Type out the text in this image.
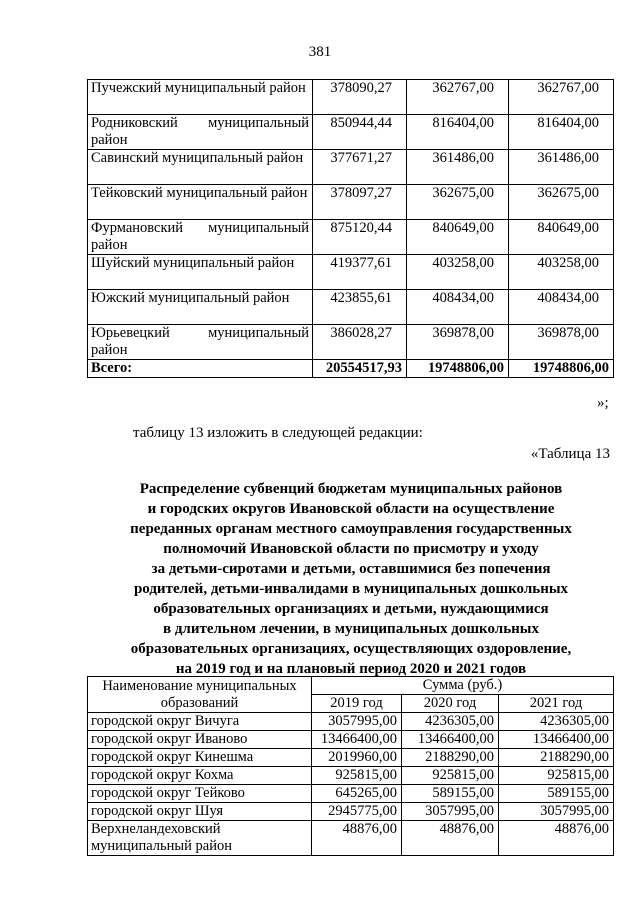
381
Пучежский муниципальный район	378090,27	362767,00	362767,00
Родниковский муниципальный район	850944,44	816404,00	816404,00
Савинский муниципальный район	377671,27	361486,00	361486,00
Тейковский муниципальный район	378097,27	362675,00	362675,00
Фурмановский муниципальный район	875120,44	840649,00	840649,00
Шуйский муниципальный район	419377,61	403258,00	403258,00
Южский муниципальный район	423855,61	408434,00	408434,00
Юрьевецкий муниципальный район	386028,27	369878,00	369878,00
Всего:	20554517,93	19748806,00	19748806,00
»;
таблицу 13 изложить в следующей редакции:
«Таблица 13
Распределение субвенций бюджетам муниципальных районов
и городских округов Ивановской области на осуществление
переданных органам местного самоуправления государственных
полномочий Ивановской области по присмотру и уходу
за детьми-сиротами и детьми, оставшимися без попечения
родителей, детьми-инвалидами в муниципальных дошкольных
образовательных организациях и детьми, нуждающимися
в длительном лечении, в муниципальных дошкольных
образовательных организациях, осуществляющих оздоровление,
на 2019 год и на плановый период 2020 и 2021 годов
Наименование муниципальных образований	Сумма (руб.)		
	2019 год	2020 год	2021 год
городской округ Вичуга	3057995,00	4236305,00	4236305,00
городской округ Иваново	13466400,00	13466400,00	13466400,00
городской округ Кинешма	2019960,00	2188290,00	2188290,00
городской округ Кохма	925815,00	925815,00	925815,00
городской округ Тейково	645265,00	589155,00	589155,00
городской округ Шуя	2945775,00	3057995,00	3057995,00
Верхнеландеховский муниципальный район	48876,00	48876,00	48876,00
